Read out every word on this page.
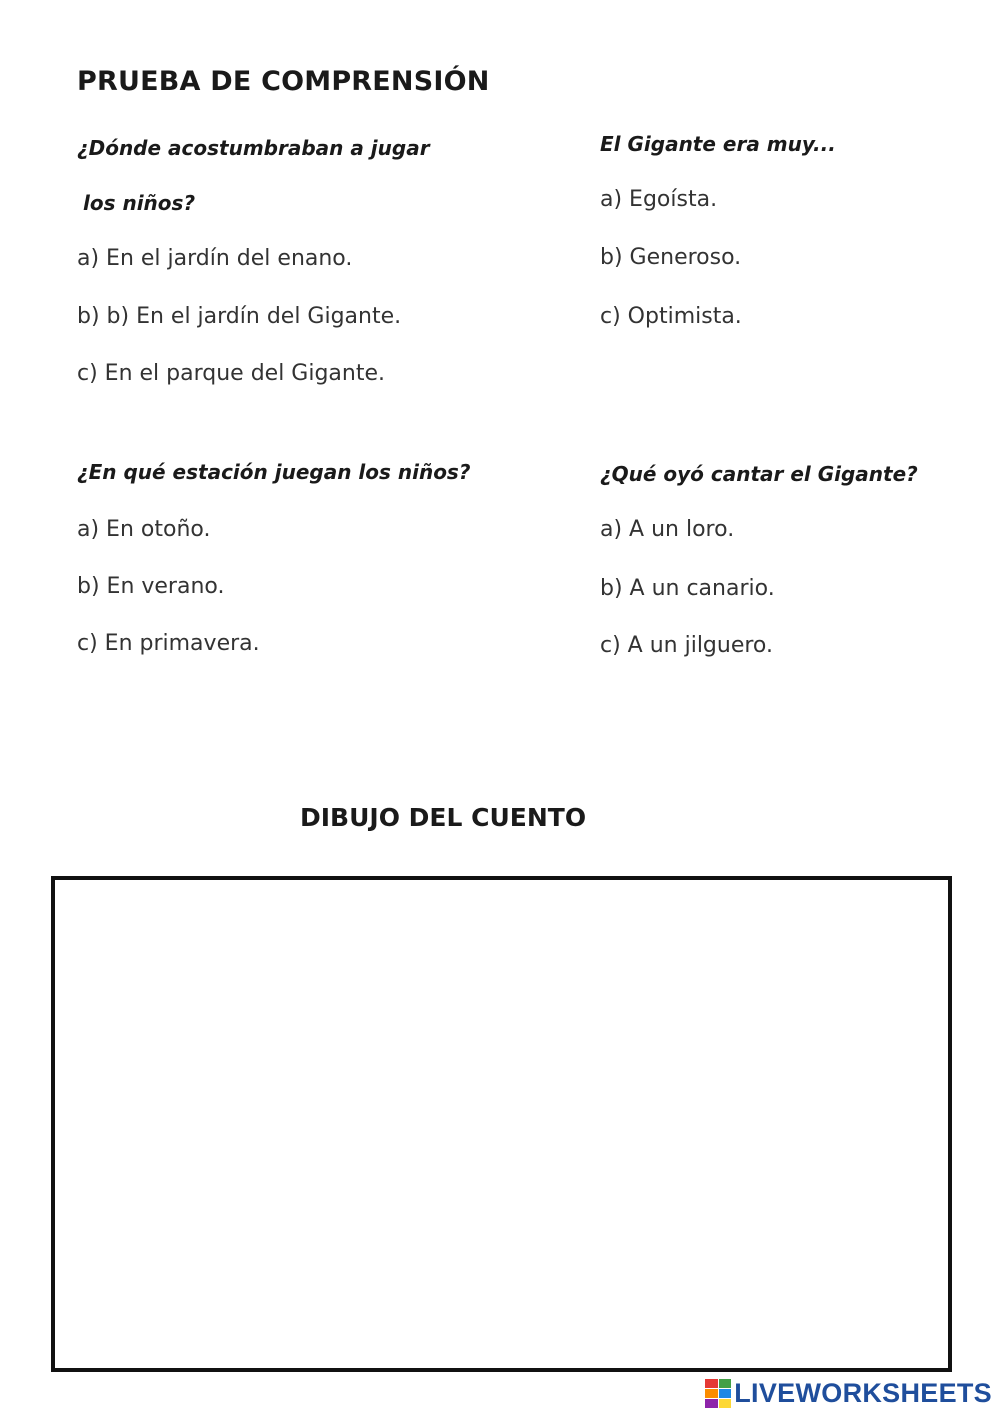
PRUEBA DE COMPRENSIÓN
¿Dónde acostumbraban a jugar
los niños?
a) En el jardín del enano.
b) b) En el jardín del Gigante.
c) En el parque del Gigante.
El Gigante era muy...
a) Egoísta.
b) Generoso.
c) Optimista.
¿En qué estación juegan los niños?
a) En otoño.
b) En verano.
c) En primavera.
¿Qué oyó cantar el Gigante?
a) A un loro.
b) A un canario.
c) A un jilguero.
DIBUJO DEL CUENTO
LIVEWORKSHEETS
